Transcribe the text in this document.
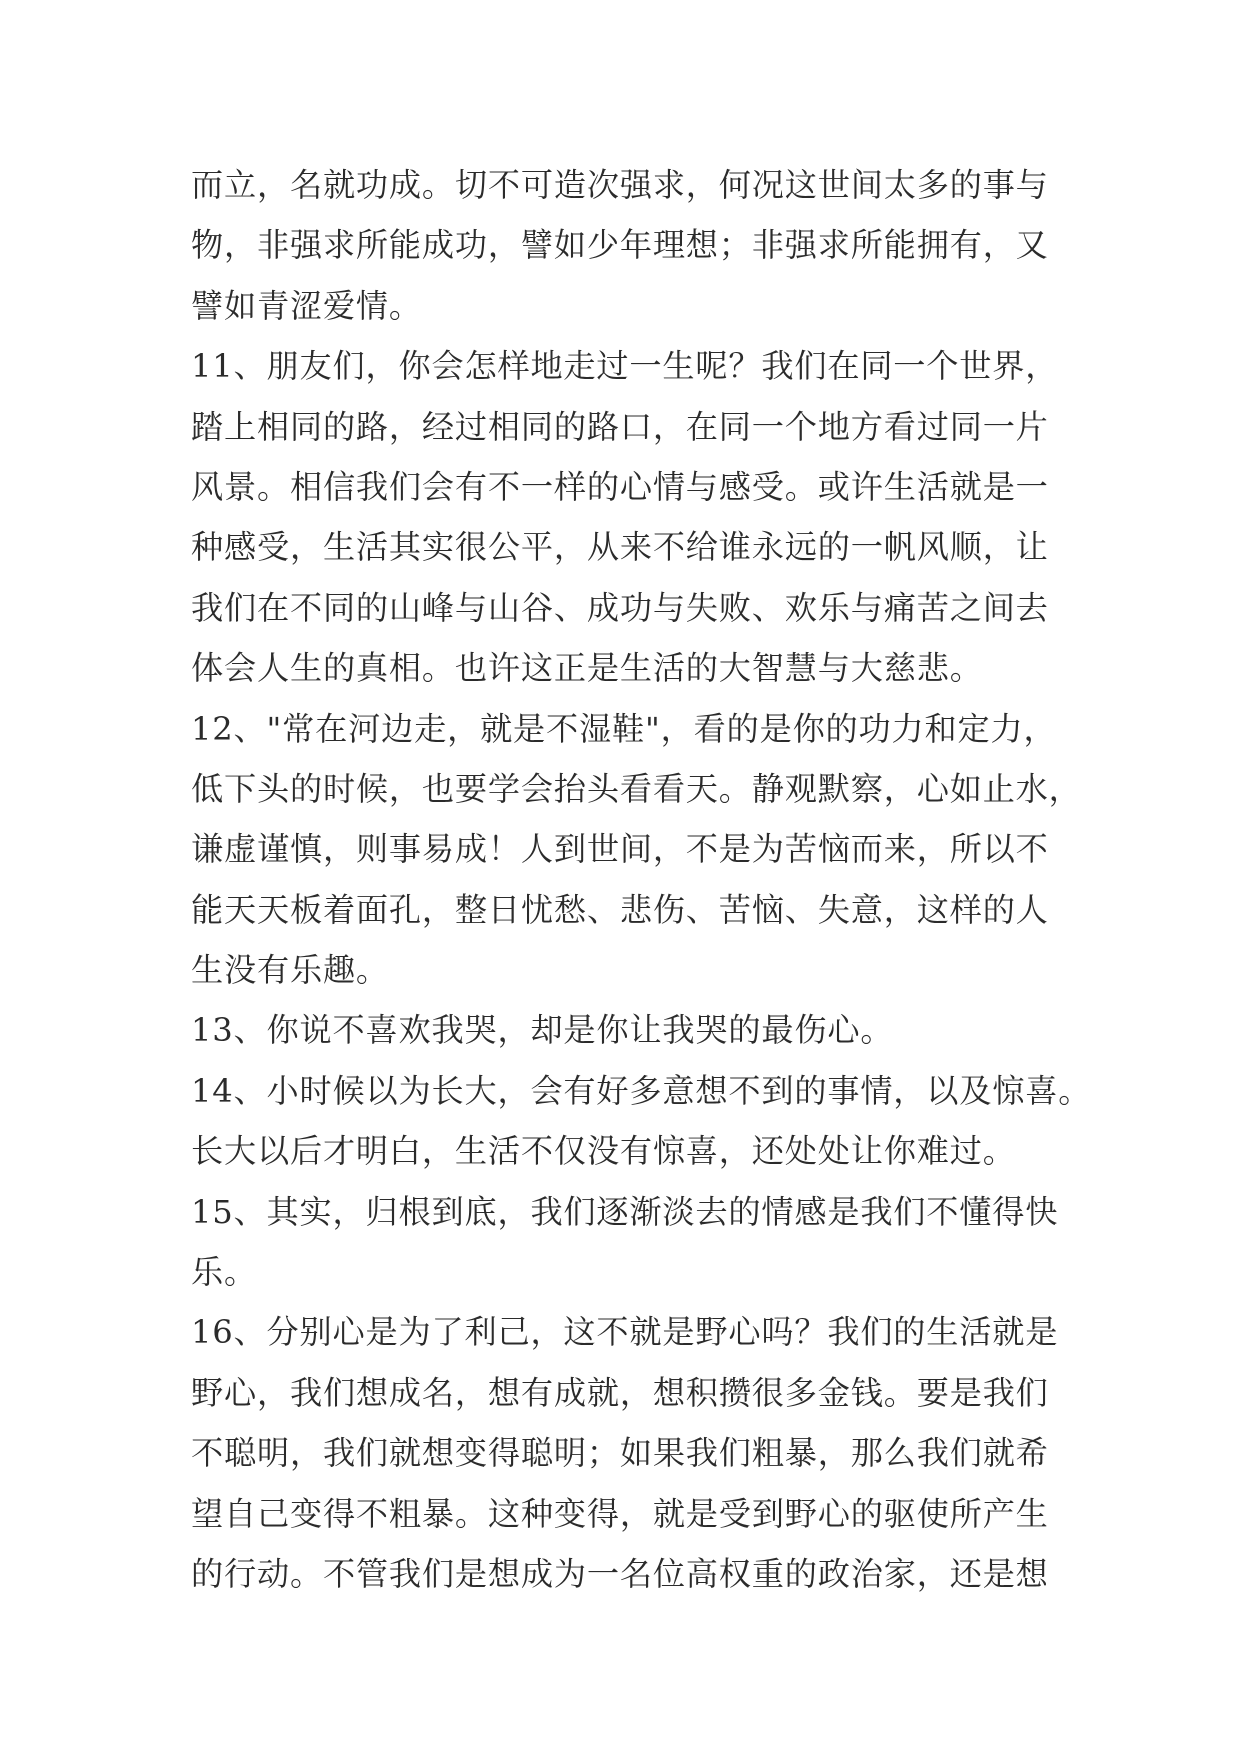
而立，名就功成。切不可造次强求，何况这世间太多的事与
物，非强求所能成功，譬如少年理想；非强求所能拥有，又
譬如青涩爱情。
11、朋友们，你会怎样地走过一生呢？我们在同一个世界，
踏上相同的路，经过相同的路口，在同一个地方看过同一片
风景。相信我们会有不一样的心情与感受。或许生活就是一
种感受，生活其实很公平，从来不给谁永远的一帆风顺，让
我们在不同的山峰与山谷、成功与失败、欢乐与痛苦之间去
体会人生的真相。也许这正是生活的大智慧与大慈悲。
12、"常在河边走，就是不湿鞋"，看的是你的功力和定力，
低下头的时候，也要学会抬头看看天。静观默察，心如止水，
谦虚谨慎，则事易成！人到世间，不是为苦恼而来，所以不
能天天板着面孔，整日忧愁、悲伤、苦恼、失意，这样的人
生没有乐趣。
13、你说不喜欢我哭，却是你让我哭的最伤心。
14、小时候以为长大，会有好多意想不到的事情，以及惊喜。
长大以后才明白，生活不仅没有惊喜，还处处让你难过。
15、其实，归根到底，我们逐渐淡去的情感是我们不懂得快
乐。
16、分别心是为了利己，这不就是野心吗？我们的生活就是
野心，我们想成名，想有成就，想积攒很多金钱。要是我们
不聪明，我们就想变得聪明；如果我们粗暴，那么我们就希
望自己变得不粗暴。这种变得，就是受到野心的驱使所产生
的行动。不管我们是想成为一名位高权重的政治家，还是想
